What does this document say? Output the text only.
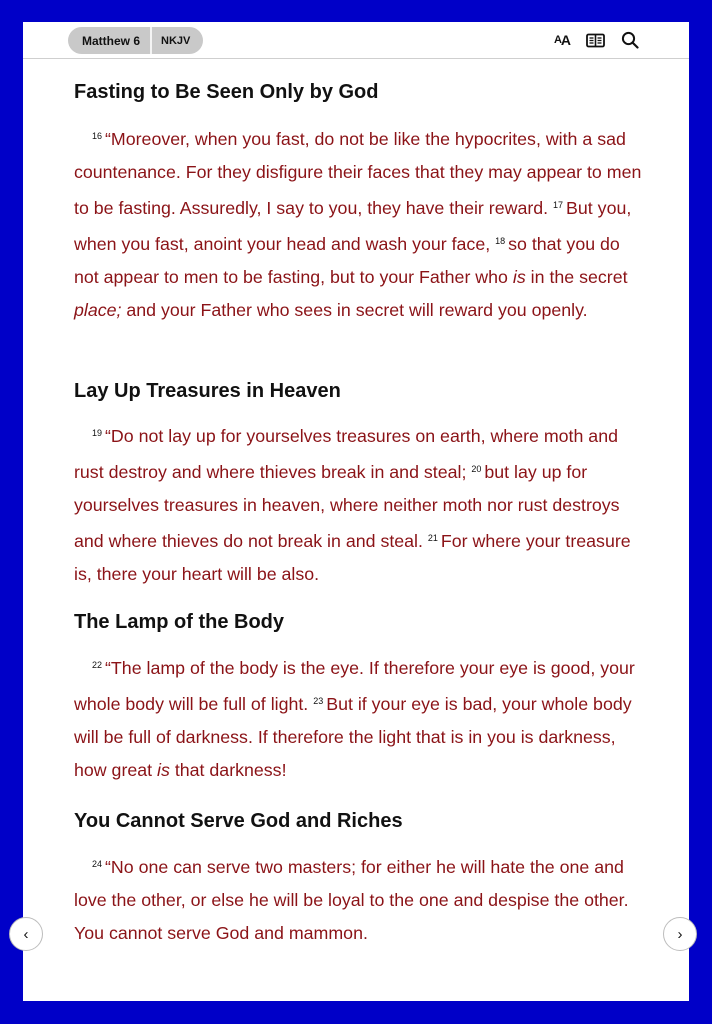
Matthew 6	NKJV	A A
Fasting to Be Seen Only by God

$^{16}$ “Moreover, when you fast, do not be like the hypocrites, with a sad countenance. For they disfigure their faces that they may appear to men to be fasting. Assuredly, I say to you, they have their reward. $^{17}$ But you, when you fast, anoint your head and wash your face, $^{18}$ so that you do not appear to men to be fasting, but to your Father who is in the secret place; and your Father who sees in secret will reward you openly.

Lay Up Treasures in Heaven

$^{19}$ “Do not lay up for yourselves treasures on earth, where moth and rust destroy and where thieves break in and steal; $^{20}$ but lay up for yourselves treasures in heaven, where neither moth nor rust destroys and where thieves do not break in and steal. $^{21}$ For where your treasure is, there your heart will be also.

The Lamp of the Body

$^{22}$ “The lamp of the body is the eye. If therefore your eye is good, your whole body will be full of light. $^{23}$ But if your eye is bad, your whole body will be full of darkness. If therefore the light that is in you is darkness, how great is that darkness!

You Cannot Serve God and Riches

$^{24}$ “No one can serve two masters; for either he will hate the one and love the other, or else he will be loyal to the one and despise the other. You cannot serve God and mammon.

‹	›
